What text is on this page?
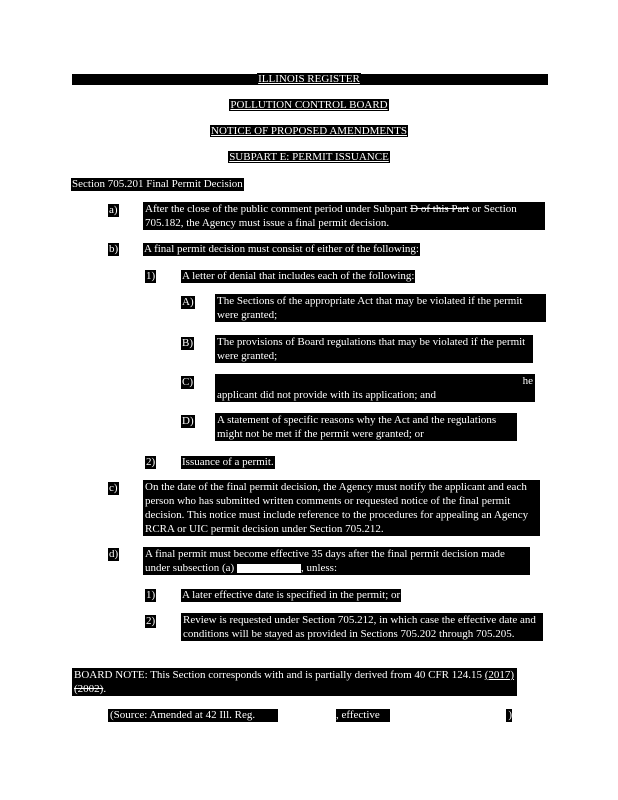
ILLINOIS REGISTER
POLLUTION CONTROL BOARD
NOTICE OF PROPOSED AMENDMENTS
SUBPART E: PERMIT ISSUANCE
Section 705.201 Final Permit Decision
a) After the close of the public comment period under Subpart D of this Part or Section 705.182, the Agency must issue a final permit decision.
b) A final permit decision must consist of either of the following:
1) A letter of denial that includes each of the following:
A) The Sections of the appropriate Act that may be violated if the permit were granted;
B) The provisions of Board regulations that may be violated if the permit were granted;
C)	he
applicant did not provide with its application; and
D) A statement of specific reasons why the Act and the regulations might not be met if the permit were granted; or
2) Issuance of a permit.
c) On the date of the final permit decision, the Agency must notify the applicant and each person who has submitted written comments or requested notice of the final permit decision. This notice must include reference to the procedures for appealing an Agency RCRA or UIC permit decision under Section 705.212.
d) A final permit must become effective 35 days after the final permit decision made under subsection (a)	, unless:
1) A later effective date is specified in the permit; or
2)	Review is requested under Section 705.212, in which case the effective date and conditions will be stayed as provided in Sections 705.202 through 705.205.
BOARD NOTE: This Section corresponds with and is partially derived from 40 CFR 124.15 (2017)(2002).
(Source: Amended at 42 Ill. Reg.	, effective	)
